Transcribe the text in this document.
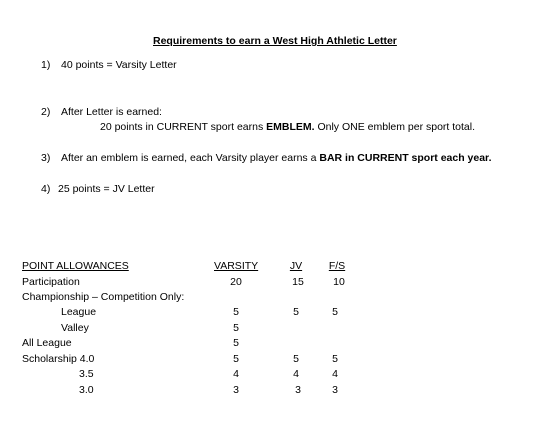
Requirements to earn a West High Athletic Letter
1) 40 points = Varsity Letter
2) After Letter is earned:
20 points in CURRENT sport earns EMBLEM. Only ONE emblem per sport total.
3) After an emblem is earned, each Varsity player earns a BAR in CURRENT sport each year.
4) 25 points = JV Letter
POINT ALLOWANCES	VARSITY	JV	F/S
Participation	20	15	10
Championship – Competition Only:
League	5	5	5
Valley	5
All League	5
Scholarship 4.0	5	5	5
3.5	4	4	4
3.0	3	3	3
